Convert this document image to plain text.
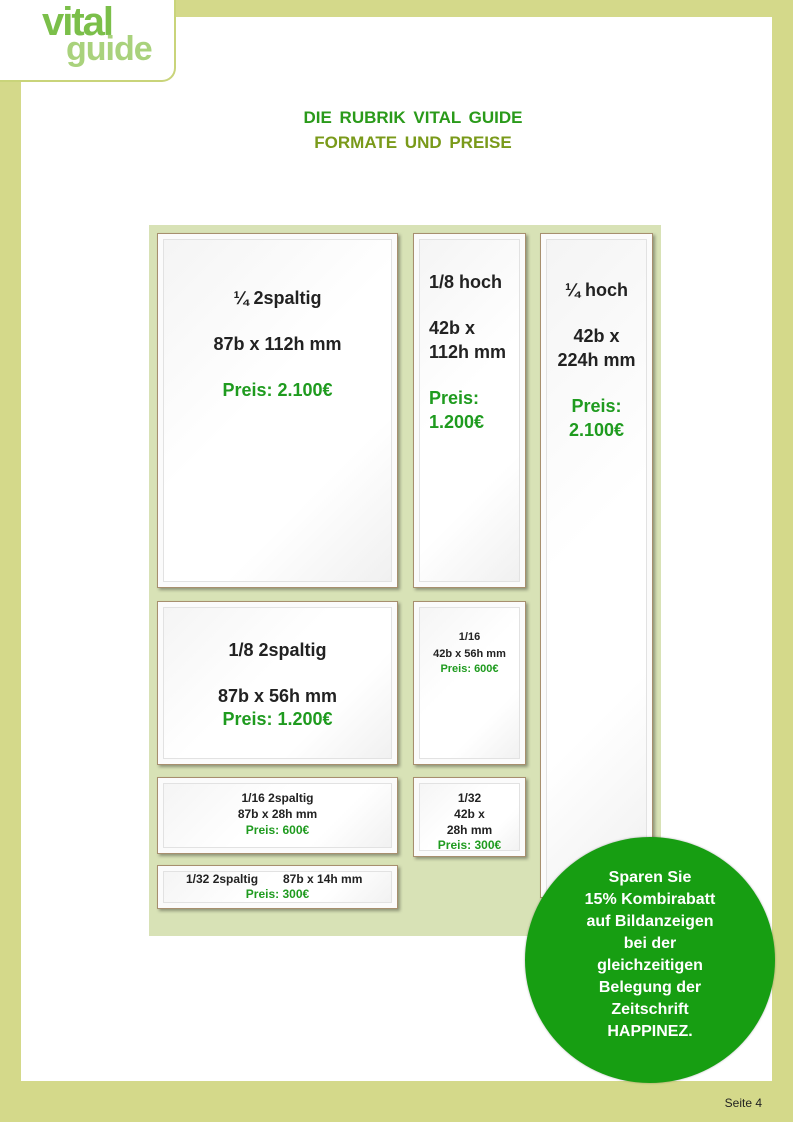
vital
guide
DIE RUBRIK VITAL GUIDE
FORMATE UND PREISE
¼ 2spaltig
87b x 112h mm
Preis: 2.100€
1/8 hoch
42b x
112h mm
Preis:
1.200€
¼ hoch
42b x
224h mm
Preis:
2.100€
1/8 2spaltig
87b x 56h mm
Preis: 1.200€
1/16
42b x 56h mm
Preis: 600€
1/16 2spaltig
87b x 28h mm
Preis: 600€
1/32
42b x
28h mm
Preis: 300€
1/32 2spaltig 87b x 14h mm
Preis: 300€
Sparen Sie
15% Kombirabatt
auf Bildanzeigen
bei der
gleichzeitigen
Belegung der
Zeitschrift
HAPPINEZ.
Seite 4
